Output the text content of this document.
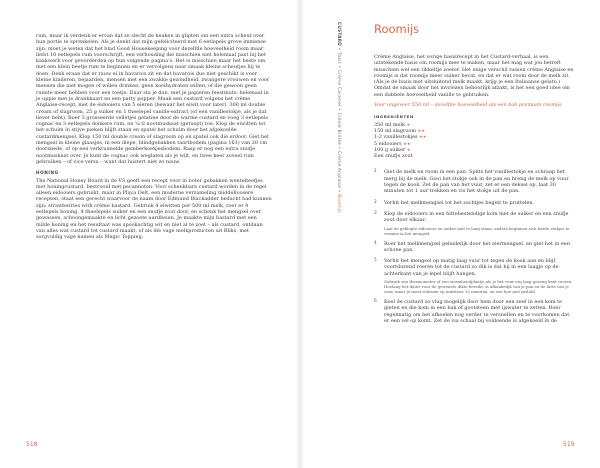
rum, maar ik verdenk er ervan dat ze slecht de keuken in glipten om een extra scheut over hun portie te sprenkelen. Als je denkt dat mijn gefeliciteerd met 6 eetlepels grove immense zijn, moet je weten dat het blad Good Housekeeping voor dezelfde hoeveelheid room maar liefst 10 eetlepels rum voorschrijft, een verhouding die misschien niet helemaal past bij het kaakwerk voor gevorderden op hun volgende pagina’s. Het is misschien maar het beste om met een klein beetje rum te beginnen en er vervolgens naar smaak kleine scheutjes bij te doen. Denk eraan dat er rauw ei in bavarois zit en dat bavarois dus niet geschikt is voor kleine kinderen, bejaarden, mensen met een zwakke gezondheid, zwangere vrouwen en voor mensen die niet mogen of willen drinken, geen koolhydraten willen, of die gewoon geen ruimte meer hebben voor een toetje. Daar sta je dan, met je papieren feestmuts; helemaal in je uppie met je drankkaart en een party popper. Maak een custard volgens het crème Anglaise-recept, met de eidooiers van 5 eieren (bewaar het eiwit voor later), 300 ml double cream of slagroom, 25 g suiker en 1 theelepel vanille-extract (of een vanillestokje, als je dat liever hebt). Roer 3 grosseerde velletjes gelatine door de warme custard en voeg 3 eetlepels cognac en 3 eetlepels donkere rum, en ¼ tl nootmuskaat (geraspt) toe. Klop de eiwitten tot het schuim in stijve pieken blijft staan en spatel het schuim door het afgekoelde custardmengsel. Klop 150 ml double cream of slagroom op en spatel ook die erdoor. Giet het mengsel in kleine glaasjes, in een diepe, blindgebakken taartbodem (pagina 161) van 20 cm doorsnede, of op een verkruimelde gemberkoekjesbodem. Rasp er nog een extra snufje nootmuskaat over. Je kunt de cognac ook weglaten als je wilt, en twee keer zoveel rum gebruiken – of vice versa – want dat luistert niet zo nauw.

HONING

The National Honey Board in de VS geeft een recept voor in boter gebakken wentelteefjes met honingcustard, bestrooid met pecannoten. Voor schenkbare custard worden in de regel alleen eidooiers gebruikt, maar in Playa Delt, een moderne verzameling middelloosere recepten, staat een gerecht waarvoor de naam door Edmund Blackadder bedacht had kunnen zijn: strawberries with crème bastard. Gebruik 4 eiwitten per 500 ml melk, roer er 4 eetlepels honing, 4 theelepels suiker en een snufje zout door, en schenk het mengsel over gewassen, schoongemaakte en licht gezoete aardbeien. Je maakte mijn bastard met een milde honing en het resultaat was spookachtig wit en niet al te zoet – als custard, ontdaan van alles wat custard tot custard maakt, of als die vage melkproducten uit Bliks, met sorgvuldig vage namen als Magic Topping.

518
CUSTARD • Taart • Crème Caramel • Crème Brûlée • Crème Anglaise • Roomijs
Roomijs

Crème Anglaise, het vorige basisrecept in het Custard-verhaal, is een uitstekende basis om roomijs mee te maken, maar het mag wat jou betreft misschien wel een tikkeltje zoeter. Het enige verschil tussen crème Anglaise en roomijs is dat roomijs meer suiker bevat, en dat er wat room door de melk zit. (Als je de basis met uitsluitend melk maakt, krijg je een Italiaanse gelato.) Omdat de smaak door het invriezen behoorlijk afzakt, is het een goed idee om een dubbele hoeveelheid vanille te gebruiken.

Voor ongeveer 550 ml – dezelfde hoeveelheid als een bak premium roomijs

INGREDIËNTEN
350 ml melk ★
150 ml slagroom ★★
1-2 vanillestokjes ★★
5 eidooiers ★★
100 g suiker ★
Een snufje zout
1 Giet de melk en room in een pan. Splits het vanillestokje en schraap het merg bij de melk. Gooi het stokje ook in de pan en breng de melk op vuur tegen de kook. Zet de pan van het vuur, zet er een deksel op, laat 30 minuten tot 1 uur trekken en vis het stokje uit de pan.
2 Verhit het melkmengsel tot het zachtjes begint te pruttelen.
3 Klop de eidooiers in een hittebestendige kom met de suiker en een snufje zout door elkaar.
Laat de geklopte eidooiers en suiker niet te lang staan, anders beginnen zich harde stukjes te vormen in het mengsel.
4 Roer het melkmengsel geleidelijk door het eiermengsel, en giet het in een schone pan.
5 Verhit het mengsel op matig laag vuur tot tegen de kook aan en blijf voortdurend roeren tot de custard zo dik is dat hij in een laagje op de achterkant van je lepel blijft hangen.
Gebruik een thermometer of een warmhoudplaatje als je het vuur erg laag gezeng kent roeren. Hoelang het duurt voor de gewenste dikte bereikt, is afhankelijk van je pan en de hitte van je vuur, maar je moet rekenen op minstens 10 minuten, en wie hoe met geduld.
6 Koel de custard zo vlug mogelijk door hem door een zeef in een kom te gieten en die kom in een bak of gootsteen met ijswater te zetten. Roer regelmatig om het afkoelen nog verder te versnellen en te voorkomen dat er een vel op komt. Zet de via schaal bij voldoende is afgekoeld in de
519
